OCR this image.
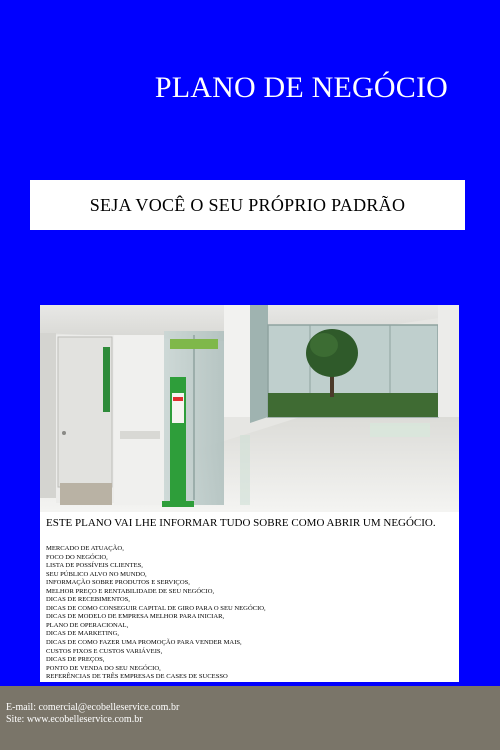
PLANO DE NEGÓCIO
SEJA VOCÊ O SEU PRÓPRIO PADRÃO

ESTE PLANO VAI LHE INFORMAR TUDO SOBRE COMO ABRIR UM NEGÓCIO.

MERCADO DE ATUAÇÃO,
FOCO DO NEGÓCIO,
LISTA DE POSSÍVEIS CLIENTES,
SEU PÚBLICO ALVO NO MUNDO,
INFORMAÇÃO SOBRE PRODUTOS E SERVIÇOS,
MELHOR PREÇO E RENTABILIDADE DE SEU NEGÓCIO,
DICAS DE RECEBIMENTOS,
DICAS DE COMO CONSEGUIR CAPITAL DE GIRO PARA O SEU NEGÓCIO,
DICAS DE MODELO DE EMPRESA MELHOR PARA INICIAR,
PLANO DE OPERACIONAL,
DICAS DE MARKETING,
DICAS DE COMO FAZER UMA PROMOÇÃO PARA VENDER MAIS,
CUSTOS FIXOS E CUSTOS VARIÁVEIS,
DICAS DE PREÇOS,
PONTO DE VENDA DO SEU NEGÓCIO,
REFERÊNCIAS DE TRÊS EMPRESAS DE CASES DE SUCESSO
E-mail: comercial@ecobelleservice.com.br
Site: www.ecobelleservice.com.br
